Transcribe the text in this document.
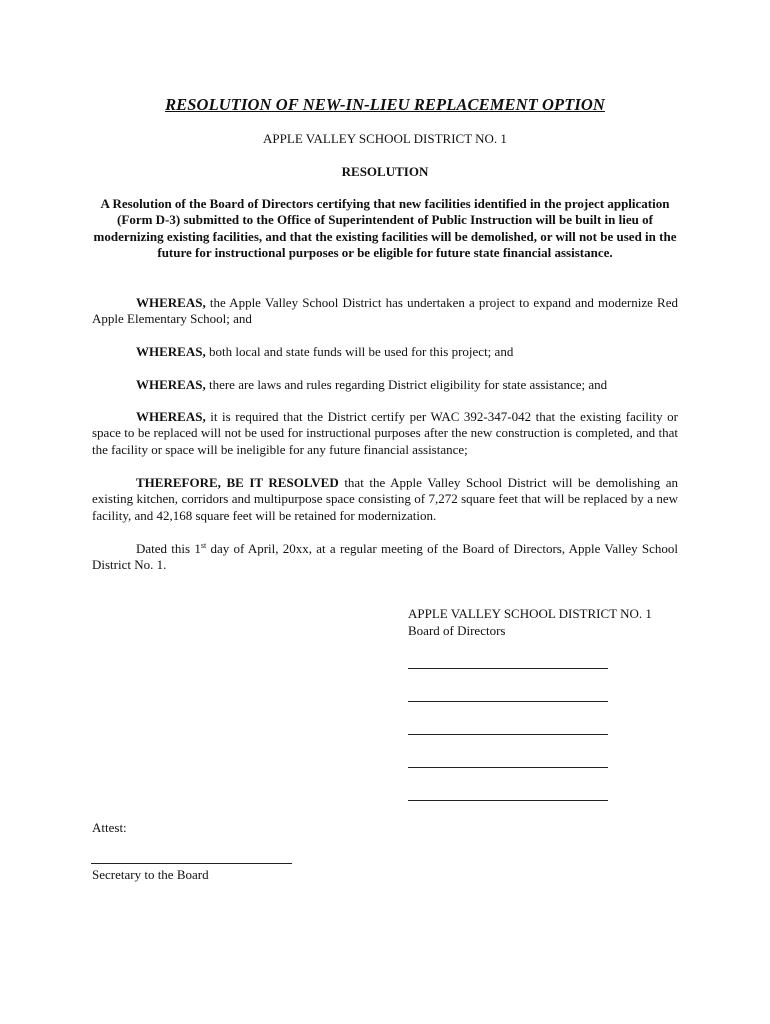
RESOLUTION OF NEW-IN-LIEU REPLACEMENT OPTION
APPLE VALLEY SCHOOL DISTRICT NO. 1
RESOLUTION
A Resolution of the Board of Directors certifying that new facilities identified in the project application (Form D-3) submitted to the Office of Superintendent of Public Instruction will be built in lieu of modernizing existing facilities, and that the existing facilities will be demolished, or will not be used in the future for instructional purposes or be eligible for future state financial assistance.
WHEREAS, the Apple Valley School District has undertaken a project to expand and modernize Red Apple Elementary School; and
WHEREAS, both local and state funds will be used for this project; and
WHEREAS, there are laws and rules regarding District eligibility for state assistance; and
WHEREAS, it is required that the District certify per WAC 392-347-042 that the existing facility or space to be replaced will not be used for instructional purposes after the new construction is completed, and that the facility or space will be ineligible for any future financial assistance;
THEREFORE, BE IT RESOLVED that the Apple Valley School District will be demolishing an existing kitchen, corridors and multipurpose space consisting of 7,272 square feet that will be replaced by a new facility, and 42,168 square feet will be retained for modernization.
Dated this 1st day of April, 20xx, at a regular meeting of the Board of Directors, Apple Valley School District No. 1.
APPLE VALLEY SCHOOL DISTRICT NO. 1
Board of Directors
Attest:
Secretary to the Board
